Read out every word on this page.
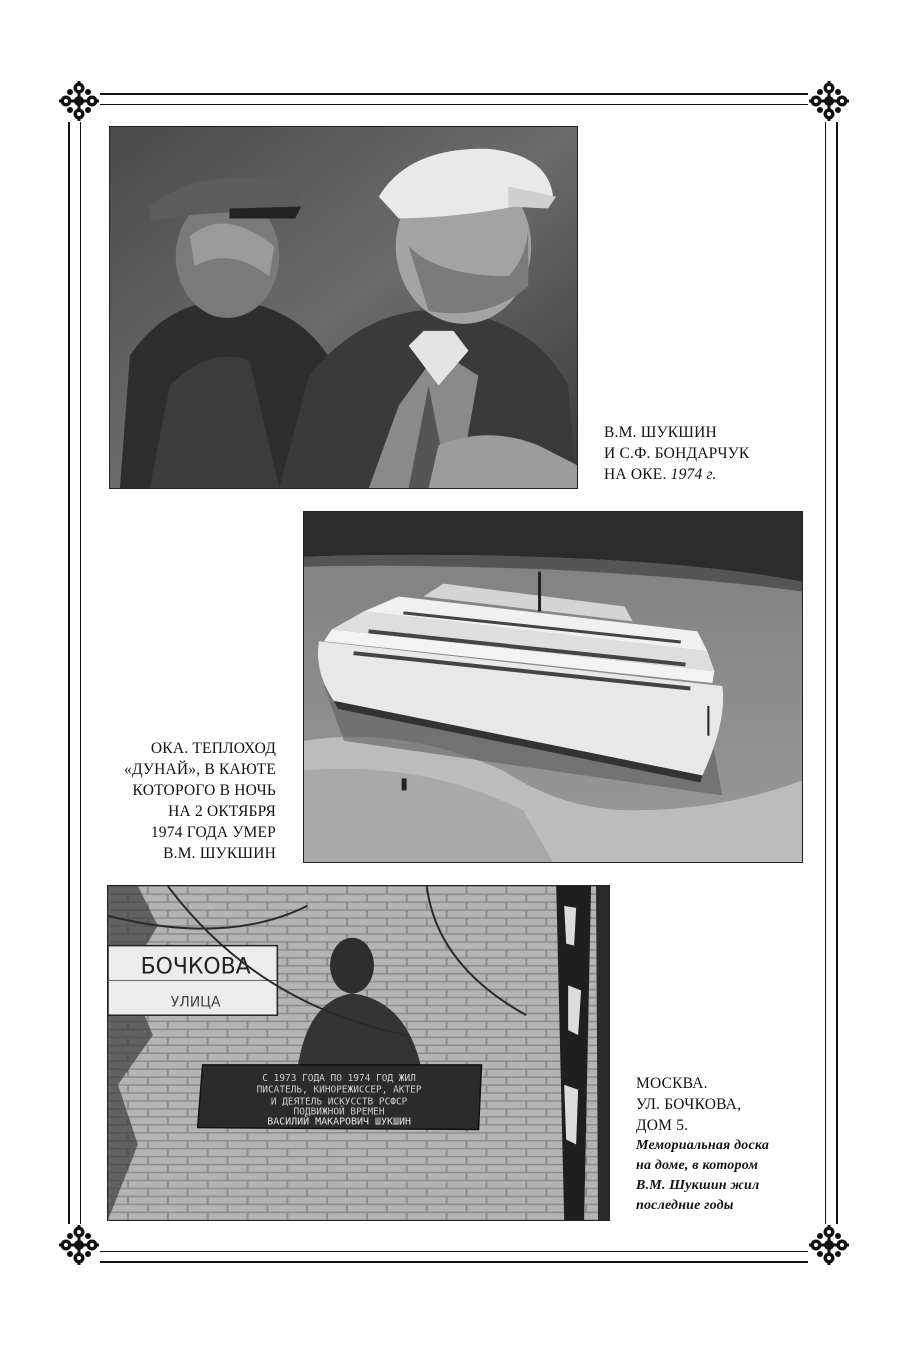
В.М. ШУКШИН
И С.Ф. БОНДАРЧУК
НА ОКЕ. 1974 г.
ОКА. ТЕПЛОХОД
«ДУНАЙ», В КАЮТЕ
КОТОРОГО В НОЧЬ
НА 2 ОКТЯБРЯ
1974 ГОДА УМЕР
В.М. ШУКШИН
БОЧКОВА
УЛИЦА
С 1973 ГОДА ПО 1974 ГОД ЖИЛ
ПИСАТЕЛЬ, КИНОРЕЖИССЕР, АКТЕР
И ДЕЯТЕЛЬ ИСКУССТВ РСФСР
ПОДВИЖНОЙ ВРЕМЕН
ВАСИЛИЙ МАКАРОВИЧ ШУКШИН
МОСКВА.
УЛ. БОЧКОВА,
ДОМ 5.
Мемориальная доска
на доме, в котором
В.М. Шукшин жил
последние годы
